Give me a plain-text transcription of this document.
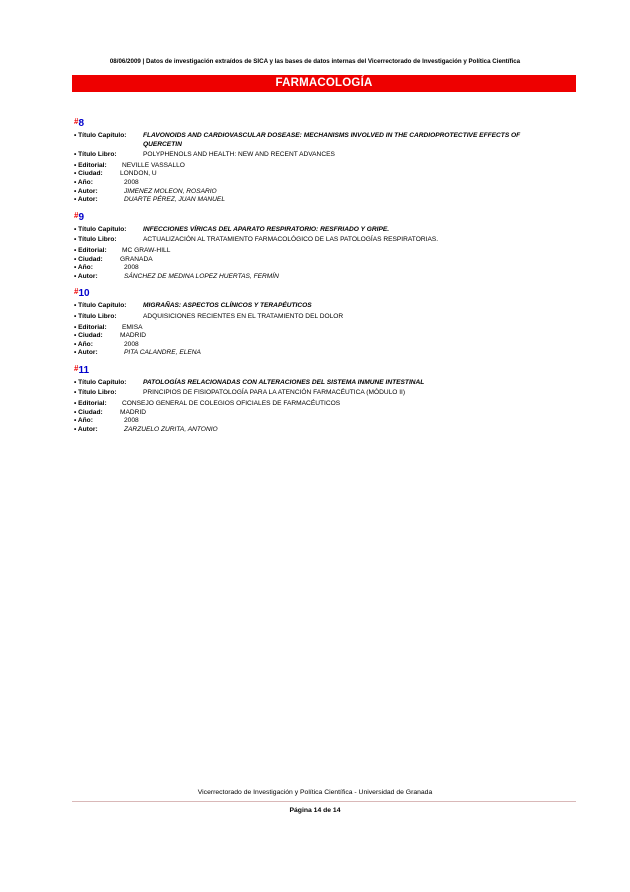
08/06/2009 | Datos de investigación extraídos de SICA y las bases de datos internas del Vicerrectorado de Investigación y Política Científica
FARMACOLOGÍA
#8
• Título Capítulo:	FLAVONOIDS AND CARDIOVASCULAR DOSEASE: MECHANISMS INVOLVED IN THE CARDIOPROTECTIVE EFFECTS OF QUERCETIN
• Título Libro:	POLYPHENOLS AND HEALTH: NEW AND RECENT ADVANCES
• Editorial:	NEVILLE VASSALLO
• Ciudad:	LONDON, U
• Año:	2008
• Autor:	JIMENEZ MOLEON, ROSARIO
• Autor:	DUARTE PÉREZ, JUAN MANUEL
#9
• Título Capítulo:	INFECCIONES VÍRICAS DEL APARATO RESPIRATORIO: RESFRIADO Y GRIPE.
• Título Libro:	ACTUALIZACIÓN AL TRATAMIENTO FARMACOLÓGICO DE LAS PATOLOGÍAS RESPIRATORIAS.
• Editorial:	MC GRAW-HILL
• Ciudad:	GRANADA
• Año:	2008
• Autor:	SÁNCHEZ DE MEDINA LOPEZ HUERTAS, FERMÍN
#10
• Título Capítulo:	MIGRAÑAS: ASPECTOS CLÍNICOS Y TERAPÉUTICOS
• Título Libro:	ADQUISICIONES RECIENTES EN EL TRATAMIENTO DEL DOLOR
• Editorial:	EMISA
• Ciudad:	MADRID
• Año:	2008
• Autor:	PITA CALANDRE, ELENA
#11
• Título Capítulo:	PATOLOGÍAS RELACIONADAS CON ALTERACIONES DEL SISTEMA INMUNE INTESTINAL
• Título Libro:	PRINCIPIOS DE FISIOPATOLOGÍA PARA LA ATENCIÓN FARMACÉUTICA (MÓDULO II)
• Editorial:	CONSEJO GENERAL DE COLEGIOS OFICIALES DE FARMACÉUTICOS
• Ciudad:	MADRID
• Año:	2008
• Autor:	ZARZUELO ZURITA, ANTONIO
Vicerrectorado de Investigación y Política Científica - Universidad de Granada
Página 14 de 14
